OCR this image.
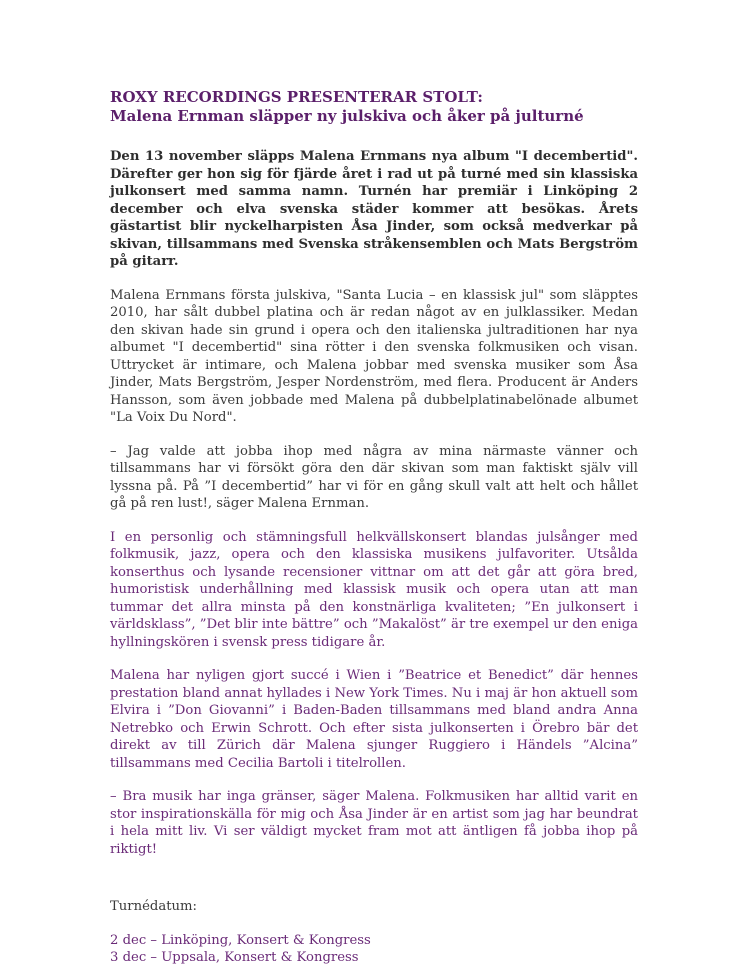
ROXY RECORDINGS PRESENTERAR STOLT:
Malena Ernman släpper ny julskiva och åker på julturné

Den 13 november släpps Malena Ernmans nya album "I decembertid". Därefter ger hon sig för fjärde året i rad ut på turné med sin klassiska julkonsert med samma namn. Turnén har premiär i Linköping 2 december och elva svenska städer kommer att besökas. Årets gästartist blir nyckelharpisten Åsa Jinder, som också medverkar på skivan, tillsammans med Svenska stråkensemblen och Mats Bergström på gitarr.

Malena Ernmans första julskiva, "Santa Lucia – en klassisk jul" som släpptes 2010, har sålt dubbel platina och är redan något av en julklassiker. Medan den skivan hade sin grund i opera och den italienska jultraditionen har nya albumet "I decembertid" sina rötter i den svenska folkmusiken och visan. Uttrycket är intimare, och Malena jobbar med svenska musiker som Åsa Jinder, Mats Bergström, Jesper Nordenström, med flera. Producent är Anders Hansson, som även jobbade med Malena på dubbelplatinabelönade albumet "La Voix Du Nord".

– Jag valde att jobba ihop med några av mina närmaste vänner och tillsammans har vi försökt göra den där skivan som man faktiskt själv vill lyssna på. På ”I decembertid” har vi för en gång skull valt att helt och hållet gå på ren lust!, säger Malena Ernman.

I en personlig och stämningsfull helkvällskonsert blandas julsånger med folkmusik, jazz, opera och den klassiska musikens julfavoriter. Utsålda konserthus och lysande recensioner vittnar om att det går att göra bred, humoristisk underhållning med klassisk musik och opera utan att man tummar det allra minsta på den konstnärliga kvaliteten; ”En julkonsert i världsklass”, ”Det blir inte bättre” och ”Makalöst” är tre exempel ur den eniga hyllningskören i svensk press tidigare år.

Malena har nyligen gjort succé i Wien i ”Beatrice et Benedict” där hennes prestation bland annat hyllades i New York Times. Nu i maj är hon aktuell som Elvira i ”Don Giovanni” i Baden-Baden tillsammans med bland andra Anna Netrebko och Erwin Schrott. Och efter sista julkonserten i Örebro bär det direkt av till Zürich där Malena sjunger Ruggiero i Händels ”Alcina” tillsammans med Cecilia Bartoli i titelrollen.

– Bra musik har inga gränser, säger Malena. Folkmusiken har alltid varit en stor inspirationskälla för mig och Åsa Jinder är en artist som jag har beundrat i hela mitt liv. Vi ser väldigt mycket fram mot att äntligen få jobba ihop på riktigt!

Turnédatum:

2 dec – Linköping, Konsert & Kongress
3 dec – Uppsala, Konsert & Kongress
